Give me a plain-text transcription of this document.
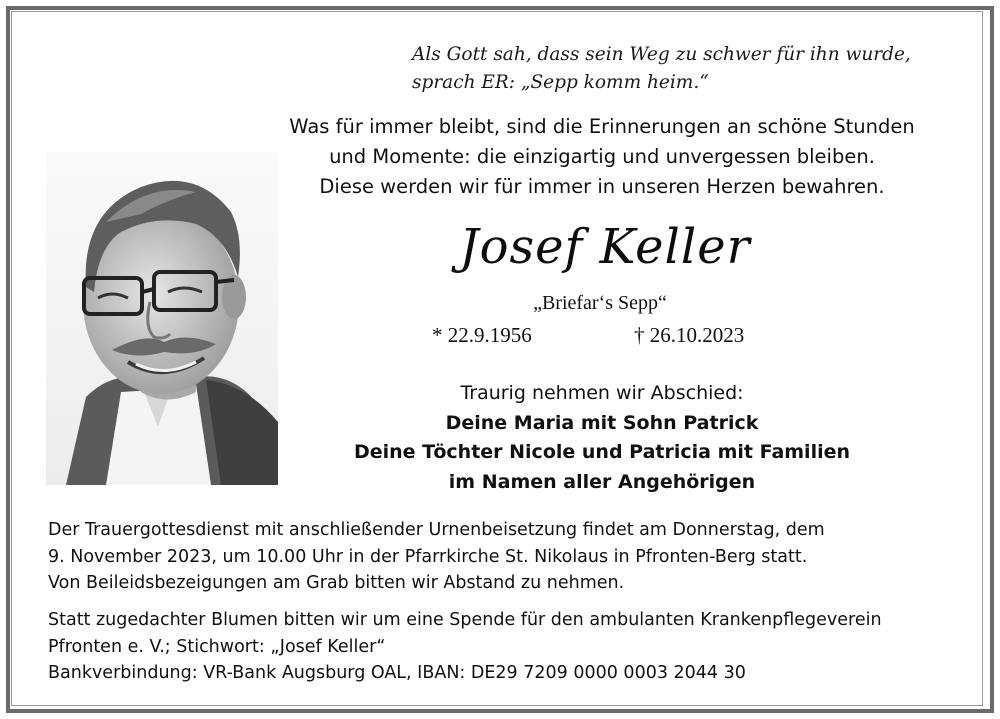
Als Gott sah, dass sein Weg zu schwer für ihn wurde,
sprach ER: „Sepp komm heim.“
Was für immer bleibt, sind die Erinnerungen an schöne Stunden
und Momente: die einzigartig und unvergessen bleiben.
Diese werden wir für immer in unseren Herzen bewahren.
Josef Keller
„Briefar‘s Sepp“
* 22.9.1956	† 26.10.2023
Traurig nehmen wir Abschied:
Deine Maria mit Sohn Patrick
Deine Töchter Nicole und Patricia mit Familien
im Namen aller Angehörigen
Der Trauergottesdienst mit anschließender Urnenbeisetzung findet am Donnerstag, dem
9. November 2023, um 10.00 Uhr in der Pfarrkirche St. Nikolaus in Pfronten-Berg statt.
Von Beileidsbezeigungen am Grab bitten wir Abstand zu nehmen.
Statt zugedachter Blumen bitten wir um eine Spende für den ambulanten Krankenpflegeverein
Pfronten e. V.; Stichwort: „Josef Keller“
Bankverbindung: VR-Bank Augsburg OAL, IBAN: DE29 7209 0000 0003 2044 30
